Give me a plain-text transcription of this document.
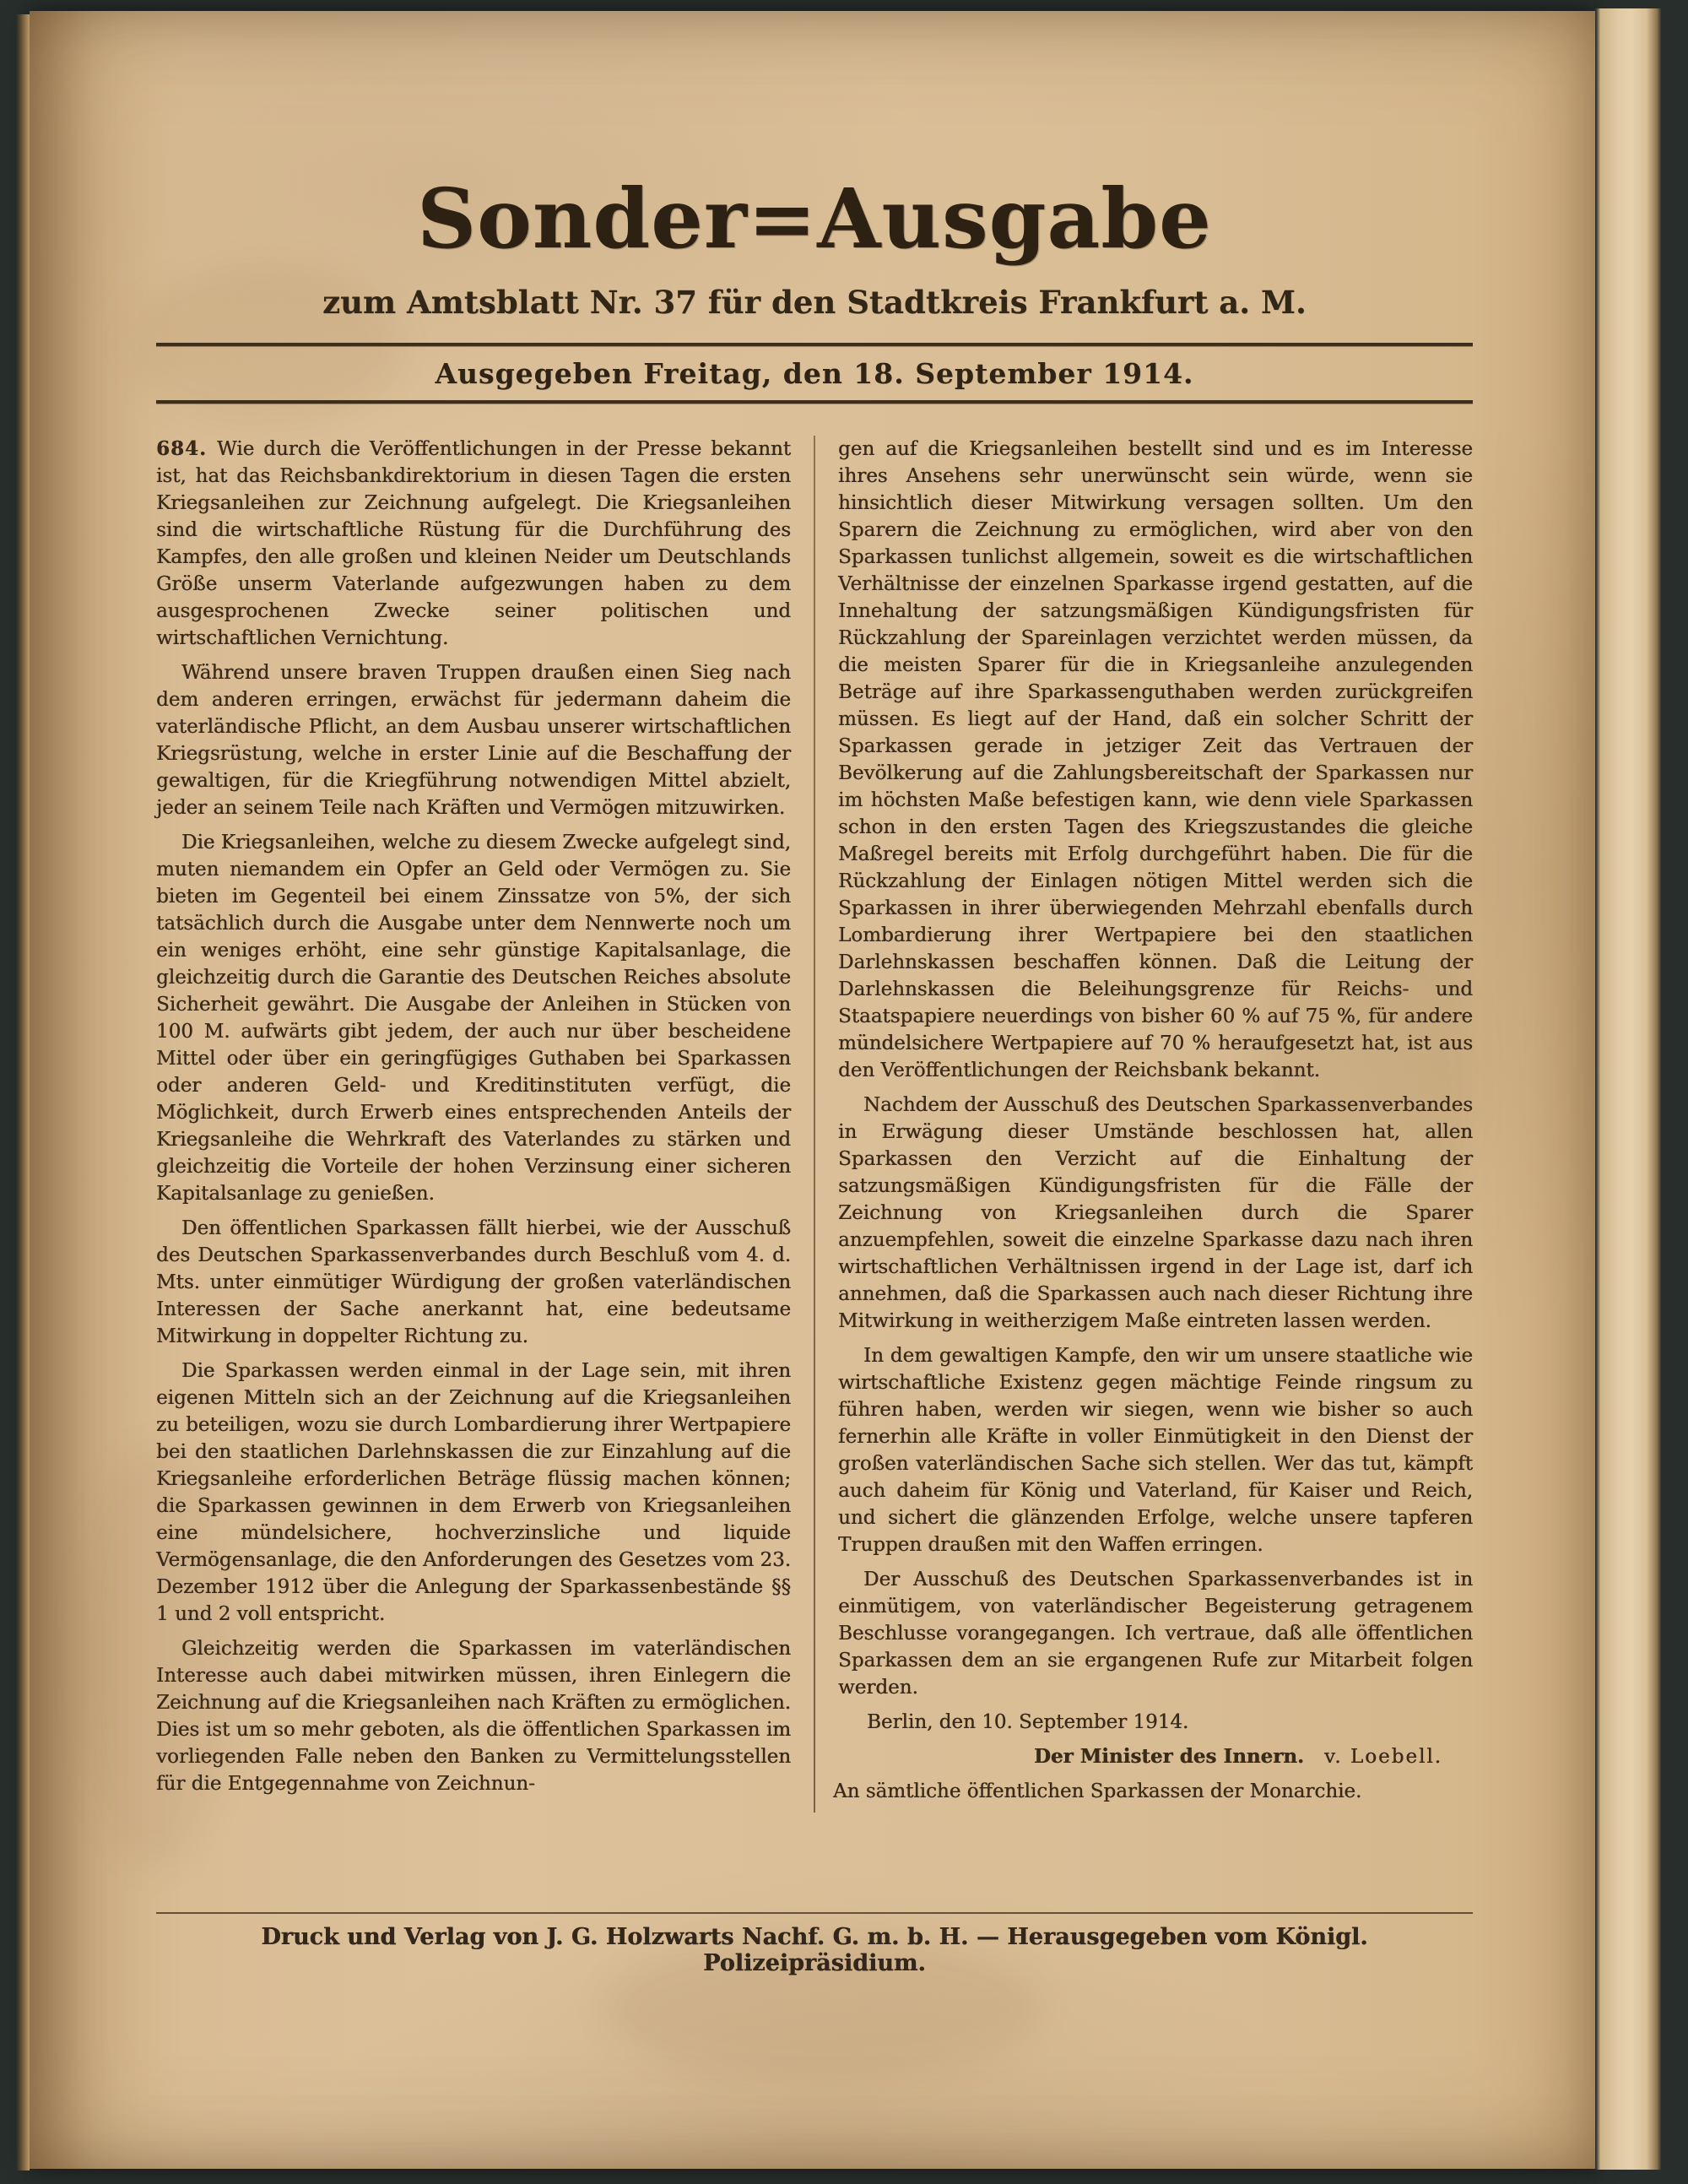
Sonder=Ausgabe
zum Amtsblatt Nr. 37 für den Stadtkreis Frankfurt a. M.
Ausgegeben Freitag, den 18. September 1914.

684. Wie durch die Veröffentlichungen in der Presse bekannt ist, hat das Reichsbankdirektorium in diesen Tagen die ersten Kriegsanleihen zur Zeichnung aufgelegt. Die Kriegsanleihen sind die wirtschaftliche Rüstung für die Durchführung des Kampfes, den alle großen und kleinen Neider um Deutschlands Größe unserm Vaterlande aufgezwungen haben zu dem ausgesprochenen Zwecke seiner politischen und wirtschaftlichen Vernichtung.

Während unsere braven Truppen draußen einen Sieg nach dem anderen erringen, erwächst für jedermann daheim die vaterländische Pflicht, an dem Ausbau unserer wirtschaftlichen Kriegsrüstung, welche in erster Linie auf die Beschaffung der gewaltigen, für die Kriegführung notwendigen Mittel abzielt, jeder an seinem Teile nach Kräften und Vermögen mitzuwirken.

Die Kriegsanleihen, welche zu diesem Zwecke aufgelegt sind, muten niemandem ein Opfer an Geld oder Vermögen zu. Sie bieten im Gegenteil bei einem Zinssatze von 5%, der sich tatsächlich durch die Ausgabe unter dem Nennwerte noch um ein weniges erhöht, eine sehr günstige Kapitalsanlage, die gleichzeitig durch die Garantie des Deutschen Reiches absolute Sicherheit gewährt. Die Ausgabe der Anleihen in Stücken von 100 M. aufwärts gibt jedem, der auch nur über bescheidene Mittel oder über ein geringfügiges Guthaben bei Sparkassen oder anderen Geld- und Kreditinstituten verfügt, die Möglichkeit, durch Erwerb eines entsprechenden Anteils der Kriegsanleihe die Wehrkraft des Vaterlandes zu stärken und gleichzeitig die Vorteile der hohen Verzinsung einer sicheren Kapitalsanlage zu genießen.

Den öffentlichen Sparkassen fällt hierbei, wie der Ausschuß des Deutschen Sparkassenverbandes durch Beschluß vom 4. d. Mts. unter einmütiger Würdigung der großen vaterländischen Interessen der Sache anerkannt hat, eine bedeutsame Mitwirkung in doppelter Richtung zu.

Die Sparkassen werden einmal in der Lage sein, mit ihren eigenen Mitteln sich an der Zeichnung auf die Kriegsanleihen zu beteiligen, wozu sie durch Lombardierung ihrer Wertpapiere bei den staatlichen Darlehnskassen die zur Einzahlung auf die Kriegsanleihe erforderlichen Beträge flüssig machen können; die Sparkassen gewinnen in dem Erwerb von Kriegsanleihen eine mündelsichere, hochverzinsliche und liquide Vermögensanlage, die den Anforderungen des Gesetzes vom 23. Dezember 1912 über die Anlegung der Sparkassenbestände §§ 1 und 2 voll entspricht.

Gleichzeitig werden die Sparkassen im vaterländischen Interesse auch dabei mitwirken müssen, ihren Einlegern die Zeichnung auf die Kriegsanleihen nach Kräften zu ermöglichen. Dies ist um so mehr geboten, als die öffentlichen Sparkassen im vorliegenden Falle neben den Banken zu Vermittelungsstellen für die Entgegennahme von Zeichnun-

gen auf die Kriegsanleihen bestellt sind und es im Interesse ihres Ansehens sehr unerwünscht sein würde, wenn sie hinsichtlich dieser Mitwirkung versagen sollten. Um den Sparern die Zeichnung zu ermöglichen, wird aber von den Sparkassen tunlichst allgemein, soweit es die wirtschaftlichen Verhältnisse der einzelnen Sparkasse irgend gestatten, auf die Innehaltung der satzungsmäßigen Kündigungsfristen für Rückzahlung der Spareinlagen verzichtet werden müssen, da die meisten Sparer für die in Kriegsanleihe anzulegenden Beträge auf ihre Sparkassenguthaben werden zurückgreifen müssen. Es liegt auf der Hand, daß ein solcher Schritt der Sparkassen gerade in jetziger Zeit das Vertrauen der Bevölkerung auf die Zahlungsbereitschaft der Sparkassen nur im höchsten Maße befestigen kann, wie denn viele Sparkassen schon in den ersten Tagen des Kriegszustandes die gleiche Maßregel bereits mit Erfolg durchgeführt haben. Die für die Rückzahlung der Einlagen nötigen Mittel werden sich die Sparkassen in ihrer überwiegenden Mehrzahl ebenfalls durch Lombardierung ihrer Wertpapiere bei den staatlichen Darlehnskassen beschaffen können. Daß die Leitung der Darlehnskassen die Beleihungsgrenze für Reichs- und Staatspapiere neuerdings von bisher 60 % auf 75 %, für andere mündelsichere Wertpapiere auf 70 % heraufgesetzt hat, ist aus den Veröffentlichungen der Reichsbank bekannt.

Nachdem der Ausschuß des Deutschen Sparkassenverbandes in Erwägung dieser Umstände beschlossen hat, allen Sparkassen den Verzicht auf die Einhaltung der satzungsmäßigen Kündigungsfristen für die Fälle der Zeichnung von Kriegsanleihen durch die Sparer anzuempfehlen, soweit die einzelne Sparkasse dazu nach ihren wirtschaftlichen Verhältnissen irgend in der Lage ist, darf ich annehmen, daß die Sparkassen auch nach dieser Richtung ihre Mitwirkung in weitherzigem Maße eintreten lassen werden.

In dem gewaltigen Kampfe, den wir um unsere staatliche wie wirtschaftliche Existenz gegen mächtige Feinde ringsum zu führen haben, werden wir siegen, wenn wie bisher so auch fernerhin alle Kräfte in voller Einmütigkeit in den Dienst der großen vaterländischen Sache sich stellen. Wer das tut, kämpft auch daheim für König und Vaterland, für Kaiser und Reich, und sichert die glänzenden Erfolge, welche unsere tapferen Truppen draußen mit den Waffen erringen.

Der Ausschuß des Deutschen Sparkassenverbandes ist in einmütigem, von vaterländischer Begeisterung getragenem Beschlusse vorangegangen. Ich vertraue, daß alle öffentlichen Sparkassen dem an sie ergangenen Rufe zur Mitarbeit folgen werden.

Berlin, den 10. September 1914.

Der Minister des Innern. v. Loebell.

An sämtliche öffentlichen Sparkassen der Monarchie.

Druck und Verlag von J. G. Holzwarts Nachf. G. m. b. H. — Herausgegeben vom Königl. Polizeipräsidium.
